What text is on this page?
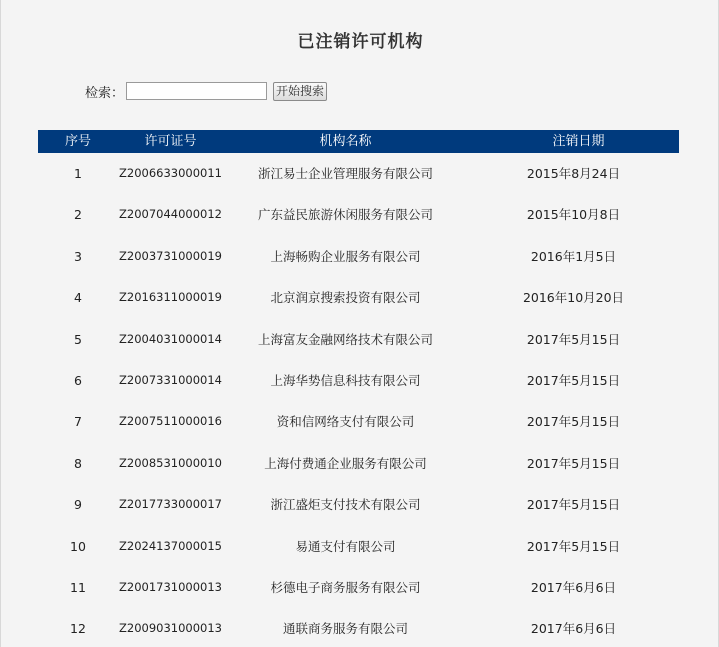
已注销许可机构
检索：	开始搜索
序号	许可证号	机构名称	注销日期
1	Z2006633000011	浙江易士企业管理服务有限公司	2015年8月24日
2	Z2007044000012	广东益民旅游休闲服务有限公司	2015年10月8日
3	Z2003731000019	上海畅购企业服务有限公司	2016年1月5日
4	Z2016311000019	北京润京搜索投资有限公司	2016年10月20日
5	Z2004031000014	上海富友金融网络技术有限公司	2017年5月15日
6	Z2007331000014	上海华势信息科技有限公司	2017年5月15日
7	Z2007511000016	资和信网络支付有限公司	2017年5月15日
8	Z2008531000010	上海付费通企业服务有限公司	2017年5月15日
9	Z2017733000017	浙江盛炬支付技术有限公司	2017年5月15日
10	Z2024137000015	易通支付有限公司	2017年5月15日
11	Z2001731000013	杉德电子商务服务有限公司	2017年6月6日
12	Z2009031000013	通联商务服务有限公司	2017年6月6日
